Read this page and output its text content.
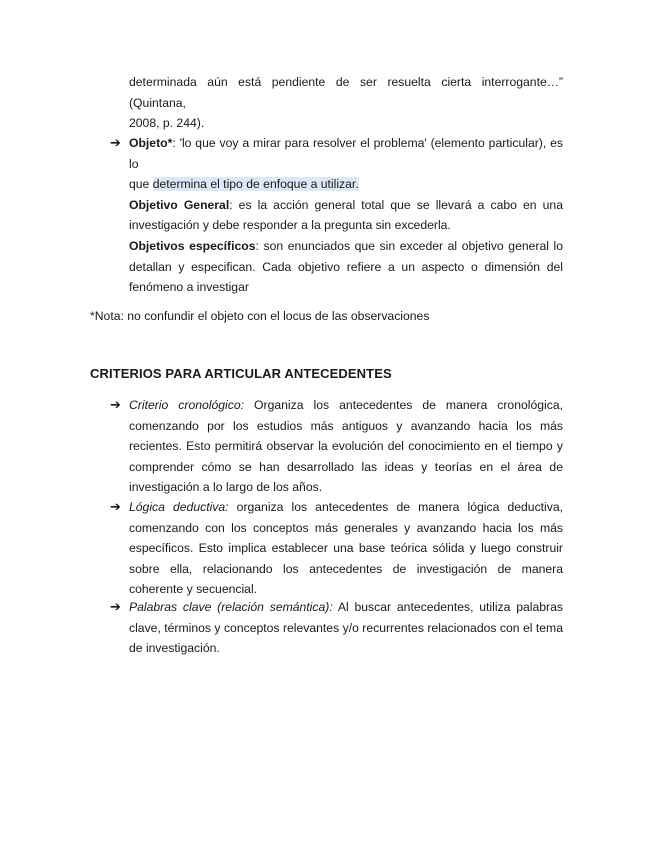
determinada aún está pendiente de ser resuelta cierta interrogante…” (Quintana,
2008, p. 244).
➔ Objeto*: 'lo que voy a mirar para resolver el problema' (elemento particular), es lo
que determina el tipo de enfoque a utilizar.
Objetivo General: es la acción general total que se llevará a cabo en una investigación y debe responder a la pregunta sin excederla.
Objetivos específicos: son enunciados que sin exceder al objetivo general lo detallan y especifican. Cada objetivo refiere a un aspecto o dimensión del fenómeno a investigar
*Nota: no confundir el objeto con el locus de las observaciones
CRITERIOS PARA ARTICULAR ANTECEDENTES
➔ Criterio cronológico: Organiza los antecedentes de manera cronológica, comenzando por los estudios más antiguos y avanzando hacia los más recientes. Esto permitirá observar la evolución del conocimiento en el tiempo y comprender cómo se han desarrollado las ideas y teorías en el área de investigación a lo largo de los años.
➔ Lógica deductiva: organiza los antecedentes de manera lógica deductiva, comenzando con los conceptos más generales y avanzando hacia los más específicos. Esto implica establecer una base teórica sólida y luego construir sobre ella, relacionando los antecedentes de investigación de manera coherente y secuencial.
➔ Palabras clave (relación semántica): Al buscar antecedentes, utiliza palabras clave, términos y conceptos relevantes y/o recurrentes relacionados con el tema de investigación.
